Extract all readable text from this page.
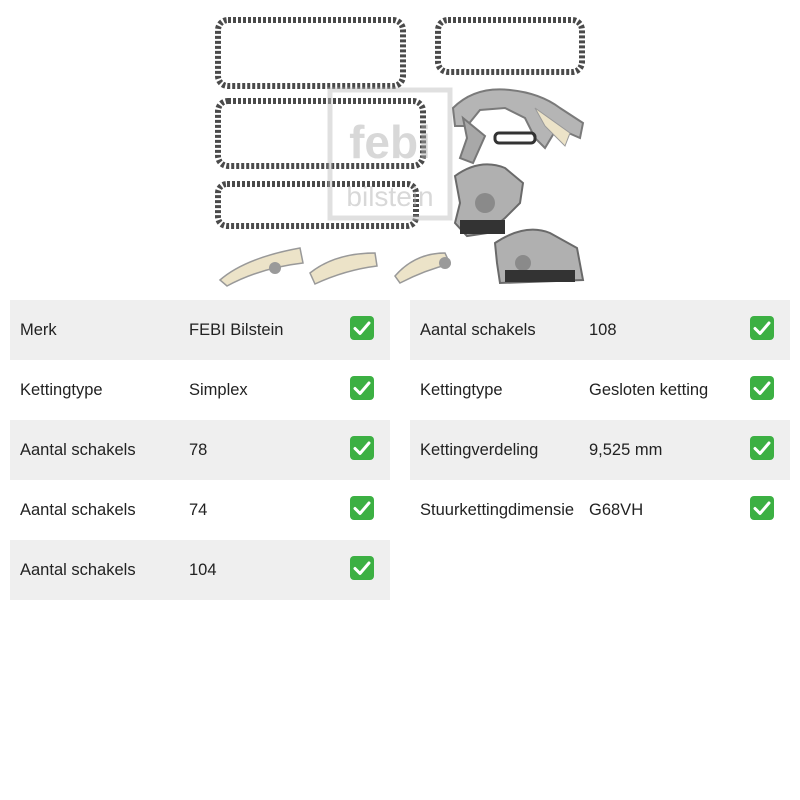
febi
bilstein
Merk	FEBI Bilstein
Kettingtype	Simplex
Aantal schakels	78
Aantal schakels	74
Aantal schakels	104
Aantal schakels	108
Kettingtype	Gesloten ketting
Kettingverdeling	9,525 mm
Stuurkettingdimensie G68VH
